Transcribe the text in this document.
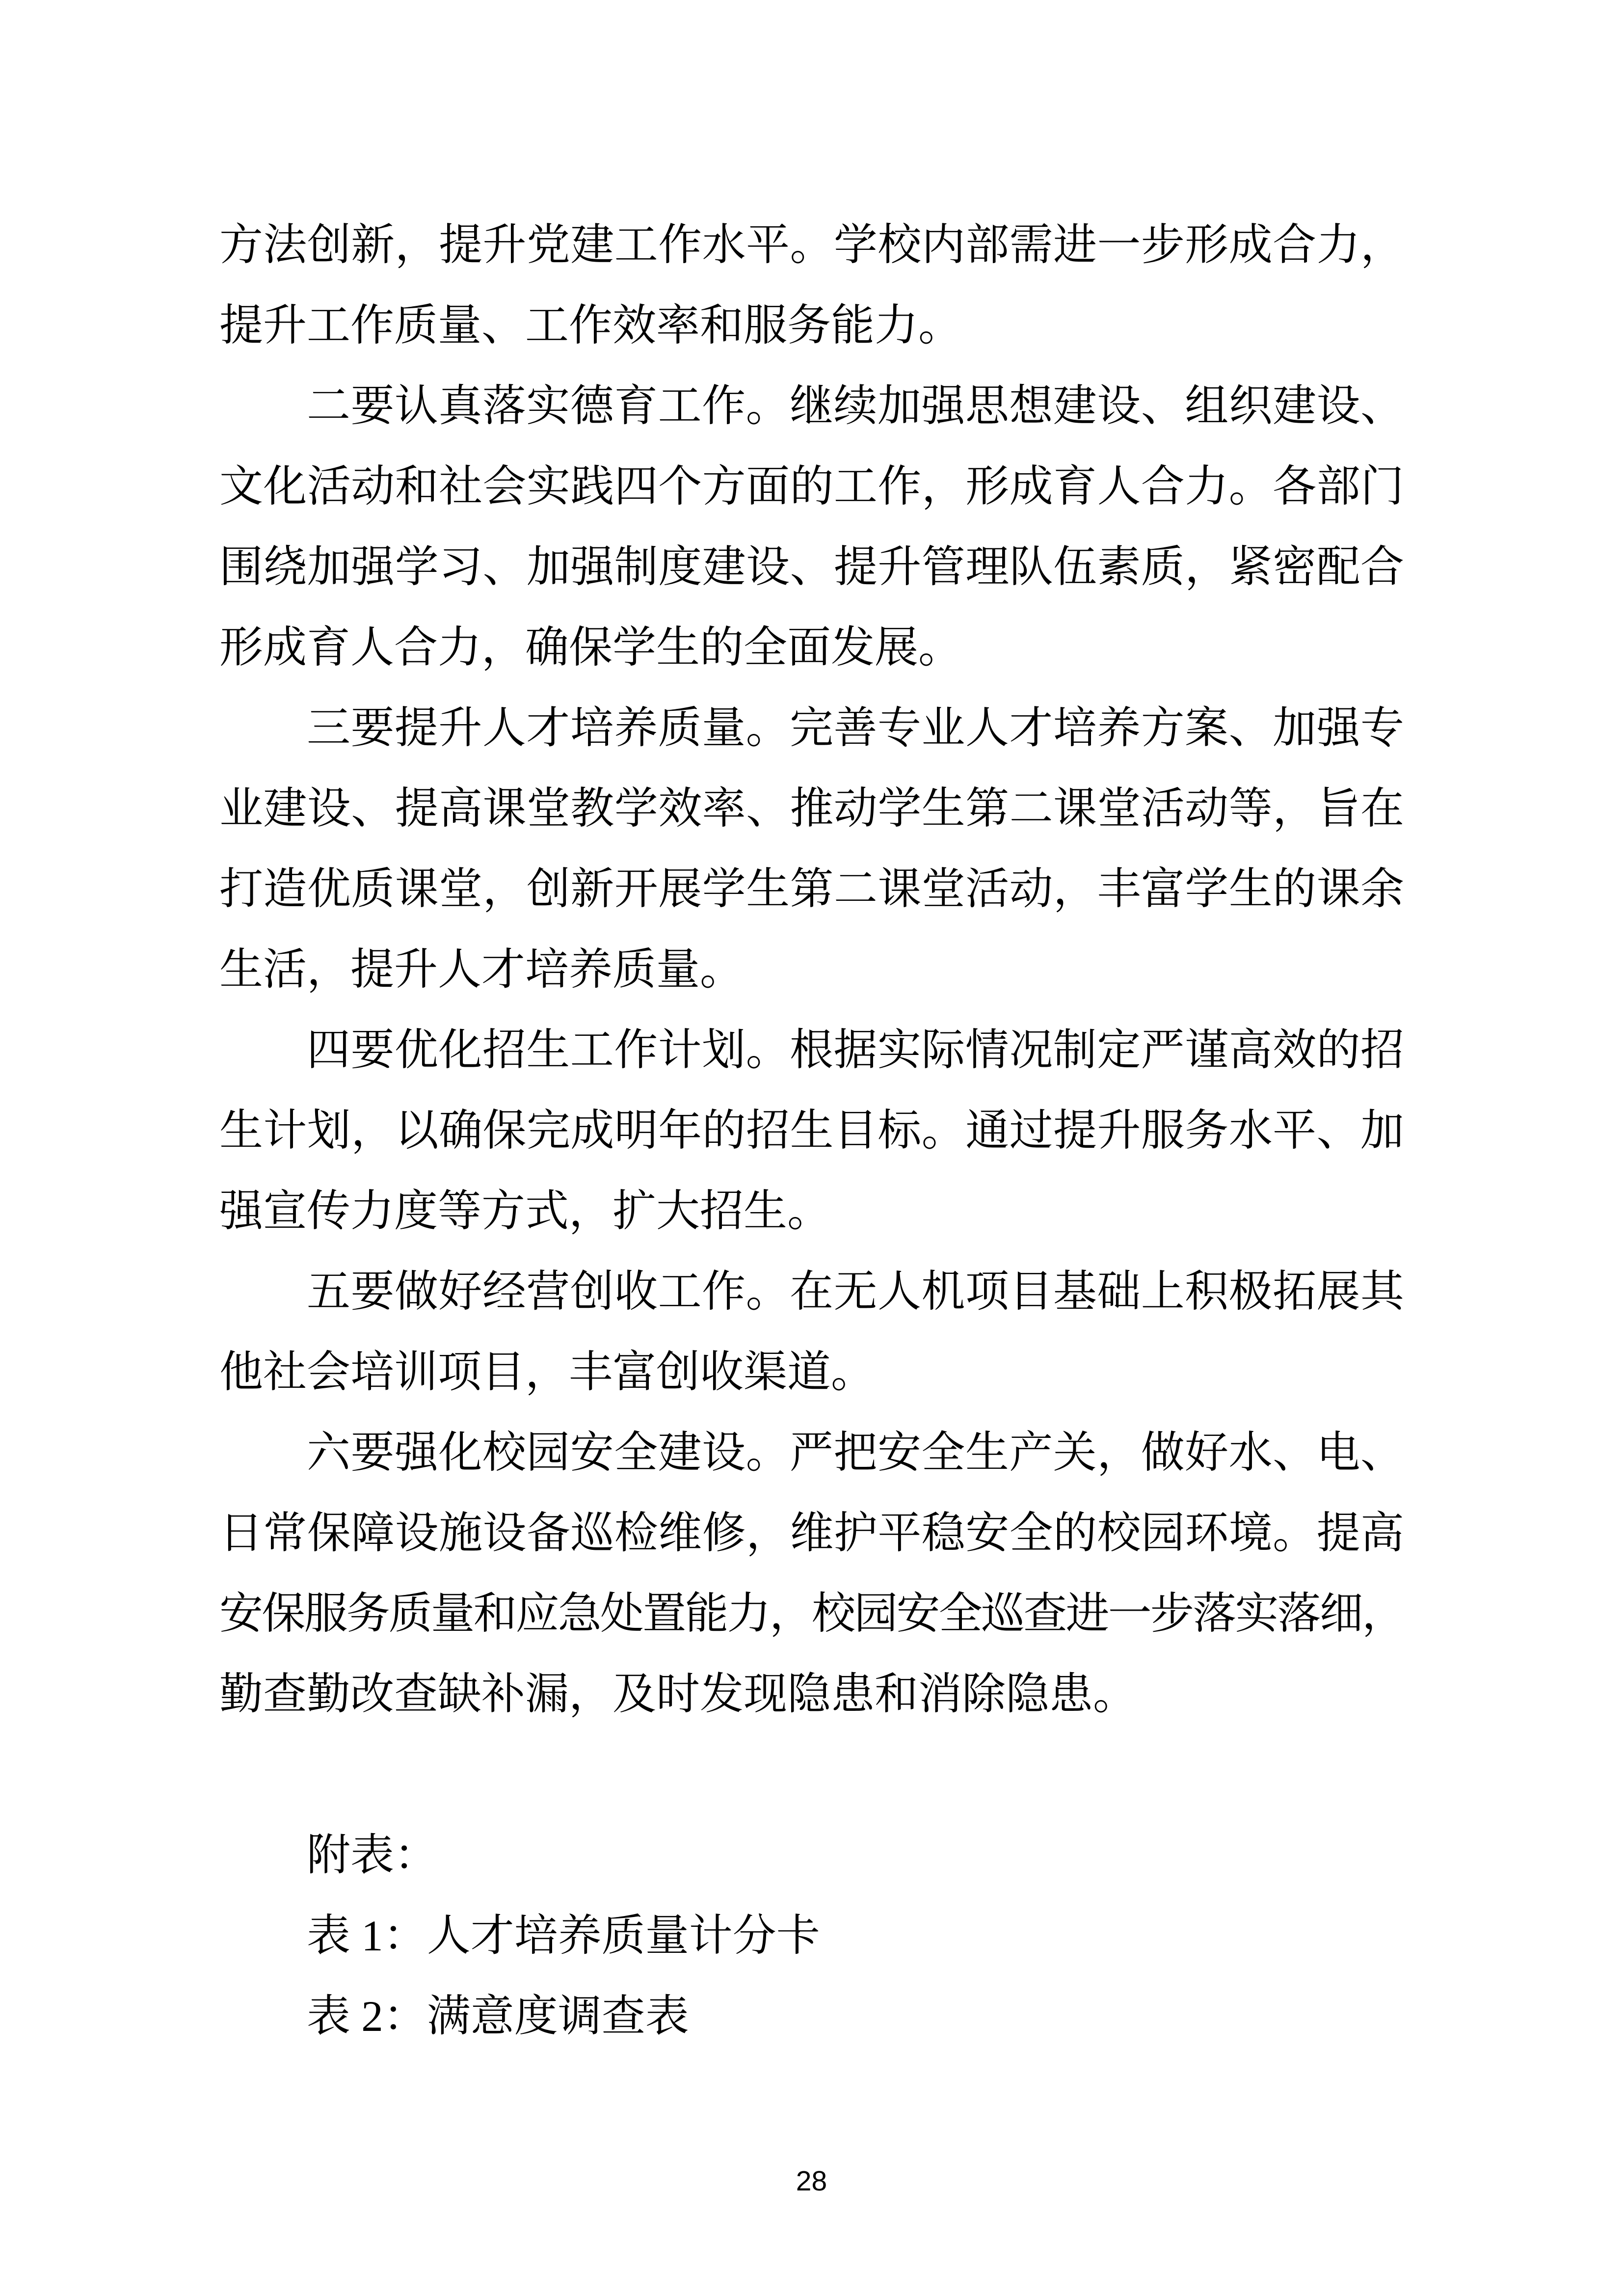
方法创新，提升党建工作水平。学校内部需进一步形成合力，
提升工作质量、工作效率和服务能力。
二要认真落实德育工作。继续加强思想建设、组织建设、
文化活动和社会实践四个方面的工作，形成育人合力。各部门
围绕加强学习、加强制度建设、提升管理队伍素质，紧密配合
形成育人合力，确保学生的全面发展。
三要提升人才培养质量。完善专业人才培养方案、加强专
业建设、提高课堂教学效率、推动学生第二课堂活动等，旨在
打造优质课堂，创新开展学生第二课堂活动，丰富学生的课余
生活，提升人才培养质量。
四要优化招生工作计划。根据实际情况制定严谨高效的招
生计划，以确保完成明年的招生目标。通过提升服务水平、加
强宣传力度等方式，扩大招生。
五要做好经营创收工作。在无人机项目基础上积极拓展其
他社会培训项目，丰富创收渠道。
六要强化校园安全建设。严把安全生产关，做好水、电、
日常保障设施设备巡检维修，维护平稳安全的校园环境。提高
安保服务质量和应急处置能力，校园安全巡查进一步落实落细，
勤查勤改查缺补漏，及时发现隐患和消除隐患。
附表：
表 1：人才培养质量计分卡
表 2：满意度调查表
28
